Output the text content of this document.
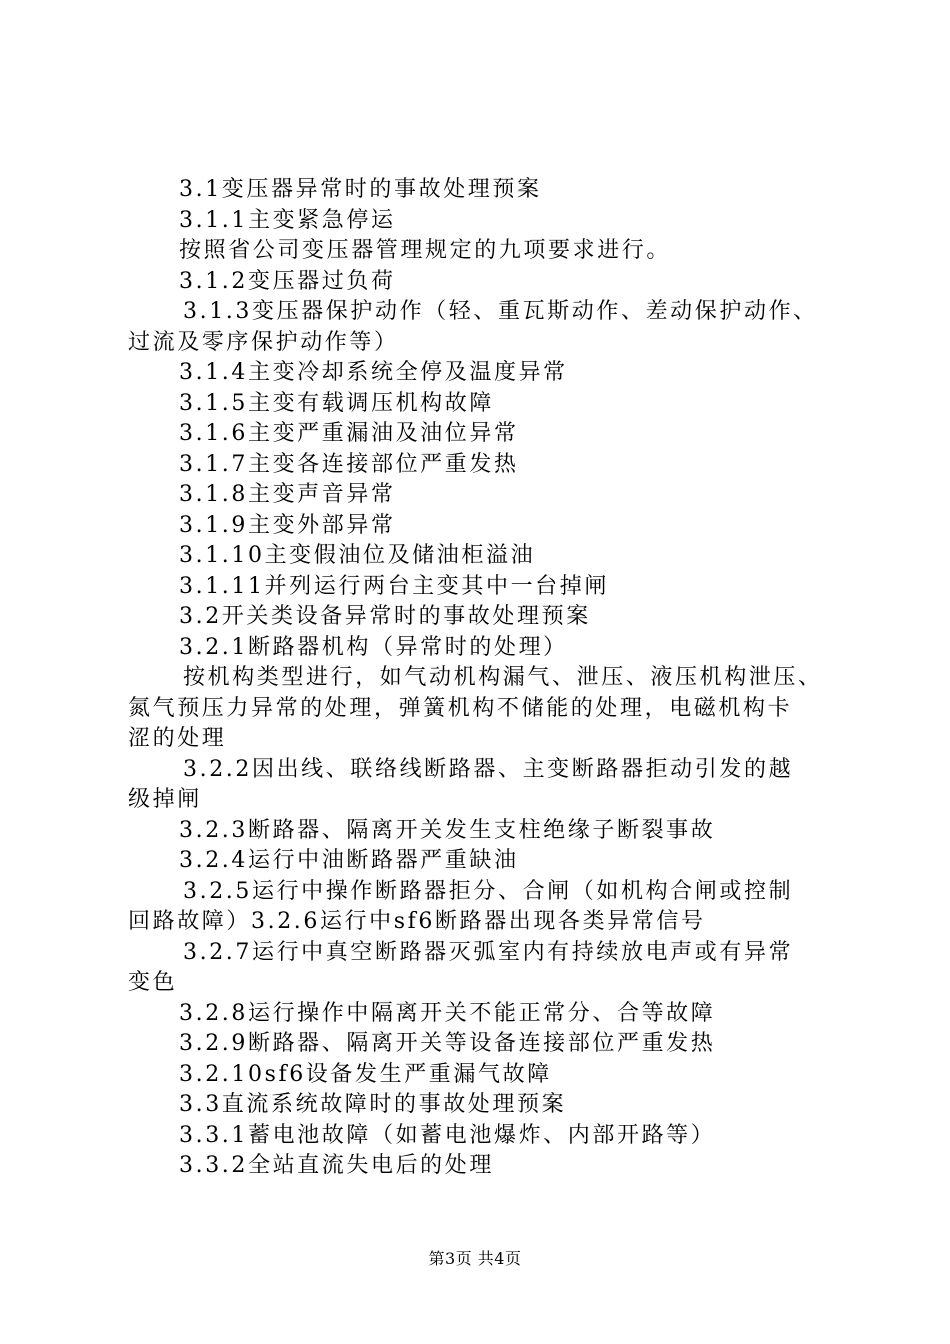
3.1变压器异常时的事故处理预案
3.1.1主变紧急停运
按照省公司变压器管理规定的九项要求进行。
3.1.2变压器过负荷
3.1.3变压器保护动作（轻、重瓦斯动作、差动保护动作、
过流及零序保护动作等）
3.1.4主变冷却系统全停及温度异常
3.1.5主变有载调压机构故障
3.1.6主变严重漏油及油位异常
3.1.7主变各连接部位严重发热
3.1.8主变声音异常
3.1.9主变外部异常
3.1.10主变假油位及储油柜溢油
3.1.11并列运行两台主变其中一台掉闸
3.2开关类设备异常时的事故处理预案
3.2.1断路器机构（异常时的处理）
按机构类型进行，如气动机构漏气、泄压、液压机构泄压、
氮气预压力异常的处理，弹簧机构不储能的处理，电磁机构卡
涩的处理
3.2.2因出线、联络线断路器、主变断路器拒动引发的越
级掉闸
3.2.3断路器、隔离开关发生支柱绝缘子断裂事故
3.2.4运行中油断路器严重缺油
3.2.5运行中操作断路器拒分、合闸（如机构合闸或控制
回路故障）3.2.6运行中sf6断路器出现各类异常信号
3.2.7运行中真空断路器灭弧室内有持续放电声或有异常
变色
3.2.8运行操作中隔离开关不能正常分、合等故障
3.2.9断路器、隔离开关等设备连接部位严重发热
3.2.10sf6设备发生严重漏气故障
3.3直流系统故障时的事故处理预案
3.3.1蓄电池故障（如蓄电池爆炸、内部开路等）
3.3.2全站直流失电后的处理
第3页 共4页
